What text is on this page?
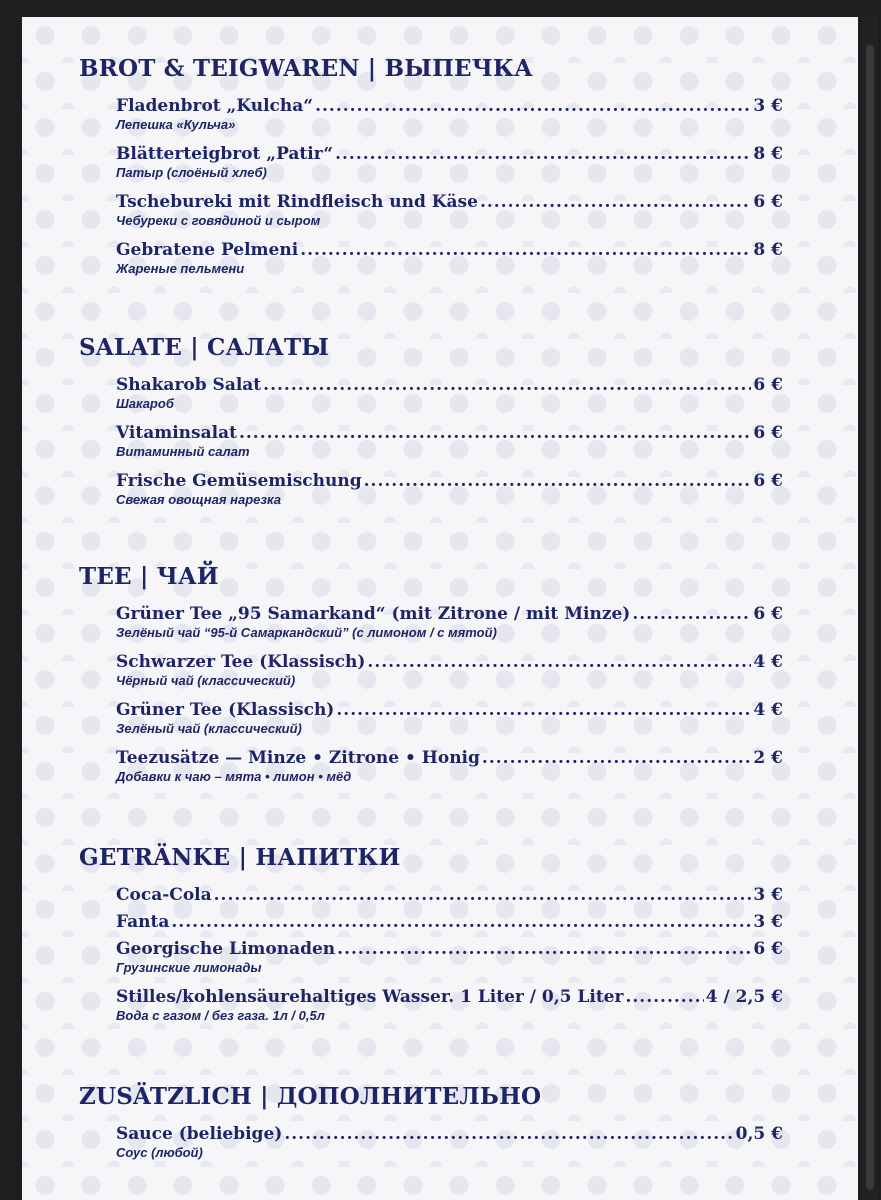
BROT & TEIGWAREN | ВЫПЕЧКА
Fladenbrot „Kulcha“ .....	3 €
Лепешка «Кульча»
Blätterteigbrot „Patir“ .....	8 €
Патыр (слоёный хлеб)
Tschebureki mit Rindfleisch und Käse .....	6 €
Чебуреки с говядиной и сыром
Gebratene Pelmeni .....	8 €
Жареные пельмени
SALATE | САЛАТЫ
Shakarob Salat .....	6 €
Шакароб
Vitaminsalat .....	6 €
Витаминный салат
Frische Gemüsemischung .....	6 €
Свежая овощная нарезка
TEE | ЧАЙ
Grüner Tee „95 Samarkand“ (mit Zitrone / mit Minze) .....	6 €
Зелёный чай “95-й Самаркандский” (с лимоном / с мятой)
Schwarzer Tee (Klassisch) .....	4 €
Чёрный чай (классический)
Grüner Tee (Klassisch) .....	4 €
Зелёный чай (классический)
Teezusätze — Minze • Zitrone • Honig .....	2 €
Добавки к чаю – мята • лимон • мёд
GETRÄNKE | НАПИТКИ
Coca-Cola .....	3 €
Fanta .....	3 €
Georgische Limonaden .....	6 €
Грузинские лимонады
Stilles/kohlensäurehaltiges Wasser. 1 Liter / 0,5 Liter .....	4 / 2,5 €
Вода с газом / без газа. 1л / 0,5л
ZUSÄTZLICH | ДОПОЛНИТЕЛЬНО
Sauce (beliebige) .....	0,5 €
Соус (любой)
